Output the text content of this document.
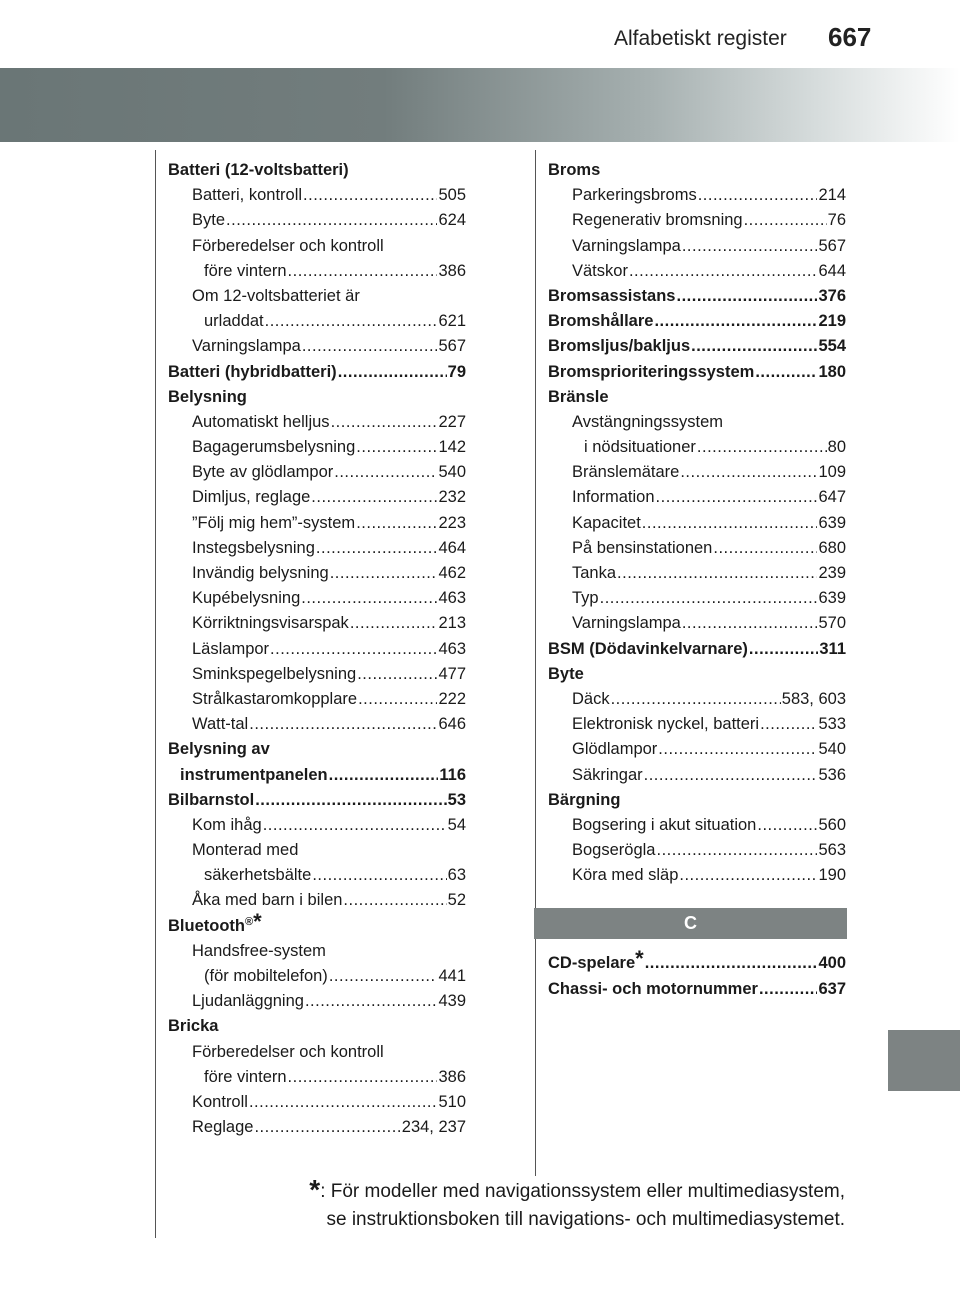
667
Alfabetiskt register
Batteri (12-voltsbatteri)
Batteri, kontroll .....	505
Byte .....	624
Förberedelser och kontroll
före vintern .....	386
Om 12-voltsbatteriet är
urladdat .....	621
Varningslampa .....	567
Batteri (hybridbatteri) .....	79
Belysning
Automatiskt helljus .....	227
Bagagerumsbelysning .....	142
Byte av glödlampor .....	540
Dimljus, reglage .....	232
”Följ mig hem”-system .....	223
Instegsbelysning .....	464
Invändig belysning .....	462
Kupébelysning .....	463
Körriktningsvisarspak .....	213
Läslampor .....	463
Sminkspegelbelysning .....	477
Strålkastaromkopplare .....	222
Watt-tal .....	646
Belysning av
instrumentpanelen .....	116
Bilbarnstol .....	53
Kom ihåg .....	54
Monterad med
säkerhetsbälte .....	63
Åka med barn i bilen .....	52
Bluetooth®*
Handsfree-system
(för mobiltelefon) .....	441
Ljudanläggning .....	439
Bricka
Förberedelser och kontroll
före vintern .....	386
Kontroll .....	510
Reglage .....	234, 237
Broms
Parkeringsbroms .....	214
Regenerativ bromsning .....	76
Varningslampa .....	567
Vätskor .....	644
Bromsassistans .....	376
Bromshållare .....	219
Bromsljus/bakljus .....	554
Bromsprioriteringssystem .....	180
Bränsle
Avstängningssystem
i nödsituationer .....	80
Bränslemätare .....	109
Information .....	647
Kapacitet .....	639
På bensinstationen .....	680
Tanka .....	239
Typ .....	639
Varningslampa .....	570
BSM (Dödavinkelvarnare) .....	311
Byte
Däck .....	583, 603
Elektronisk nyckel, batteri .....	533
Glödlampor .....	540
Säkringar .....	536
Bärgning
Bogsering i akut situation .....	560
Bogserögla .....	563
Köra med släp .....	190
C
CD-spelare* .....	400
Chassi- och motornummer .....	637
*: För modeller med navigationssystem eller multimediasystem,
se instruktionsboken till navigations- och multimediasystemet.
